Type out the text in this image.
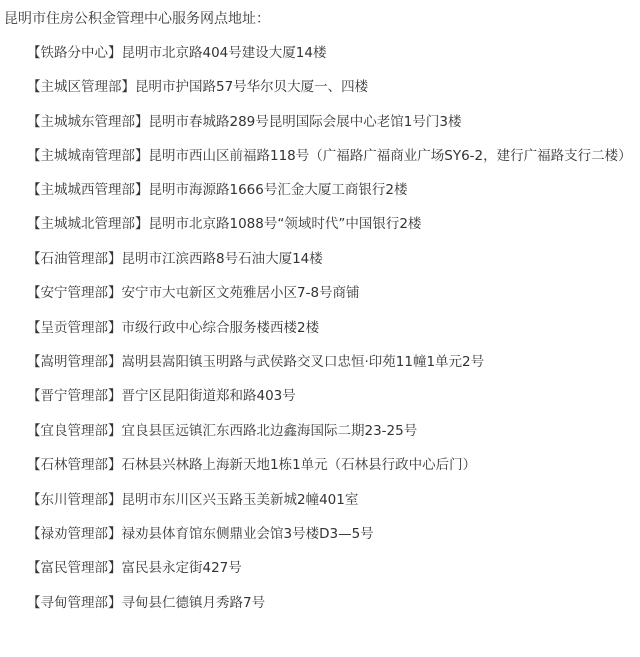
昆明市住房公积金管理中心服务网点地址：
【铁路分中心】昆明市北京路404号建设大厦14楼
【主城区管理部】昆明市护国路57号华尔贝大厦一、四楼
【主城城东管理部】昆明市春城路289号昆明国际会展中心老馆1号门3楼
【主城城南管理部】昆明市西山区前福路118号（广福路广福商业广场SY6-2，建行广福路支行二楼）
【主城城西管理部】昆明市海源路1666号汇金大厦工商银行2楼
【主城城北管理部】昆明市北京路1088号“领域时代”中国银行2楼
【石油管理部】昆明市江滨西路8号石油大厦14楼
【安宁管理部】安宁市大屯新区文苑雅居小区7-8号商铺
【呈贡管理部】市级行政中心综合服务楼西楼2楼
【嵩明管理部】嵩明县嵩阳镇玉明路与武侯路交叉口忠恒·印苑11幢1单元2号
【晋宁管理部】晋宁区昆阳街道郑和路403号
【宜良管理部】宜良县匡远镇汇东西路北边鑫海国际二期23-25号
【石林管理部】石林县兴林路上海新天地1栋1单元（石林县行政中心后门）
【东川管理部】昆明市东川区兴玉路玉美新城2幢401室
【禄劝管理部】禄劝县体育馆东侧鼎业会馆3号楼D3—5号
【富民管理部】富民县永定街427号
【寻甸管理部】寻甸县仁德镇月秀路7号
